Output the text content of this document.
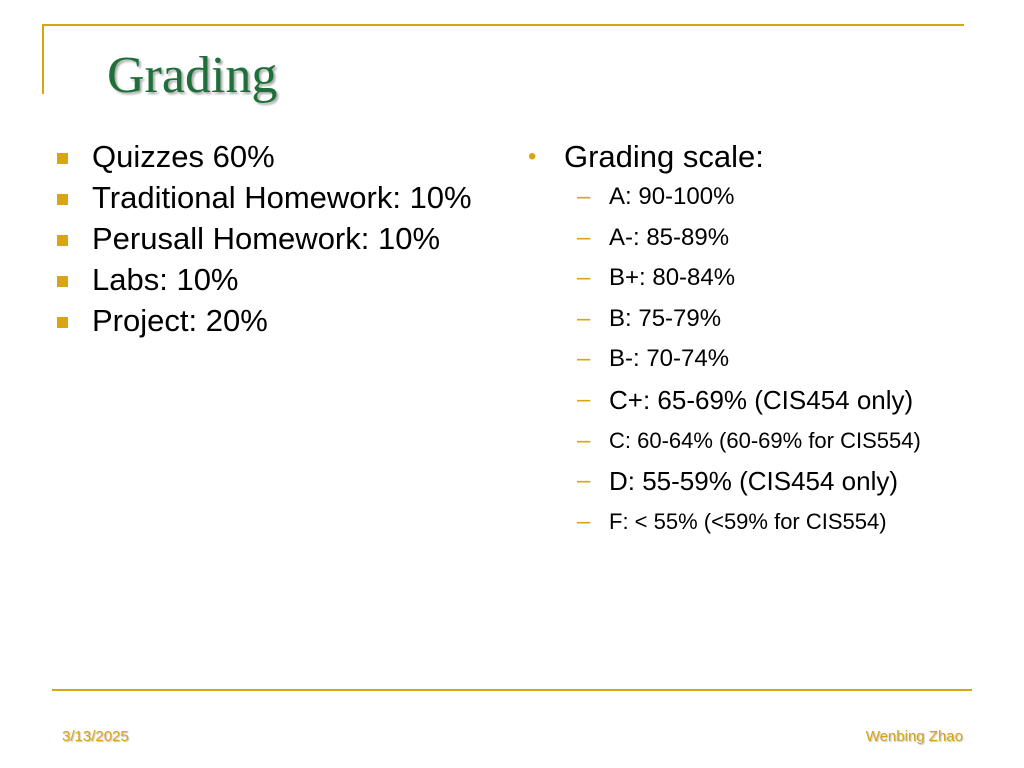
Grading
Quizzes 60%
Traditional Homework: 10%
Perusall Homework: 10%
Labs: 10%
Project: 20%
• Grading scale:
– A: 90-100%
– A-: 85-89%
– B+: 80-84%
– B: 75-79%
– B-: 70-74%
– C+: 65-69% (CIS454 only)
– C: 60-64% (60-69% for CIS554)
– D: 55-59% (CIS454 only)
– F: < 55% (<59% for CIS554)
3/13/2025	Wenbing Zhao
